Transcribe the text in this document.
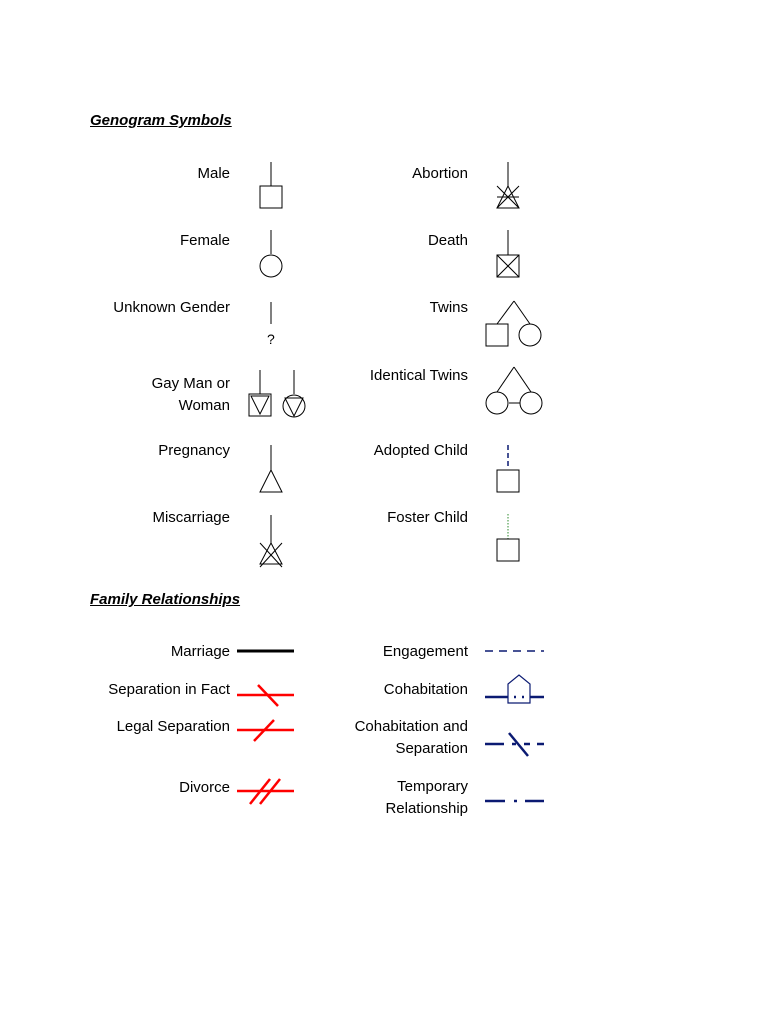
Genogram Symbols
Family Relationships
Male
Female
Unknown Gender
?
Gay Man or
Woman
Pregnancy
Miscarriage
Abortion
Death
Twins
Identical Twins
Adopted Child
Foster Child
Marriage
Separation in Fact
Legal Separation
Divorce
Engagement
Cohabitation
Cohabitation and
Separation
Temporary
Relationship
